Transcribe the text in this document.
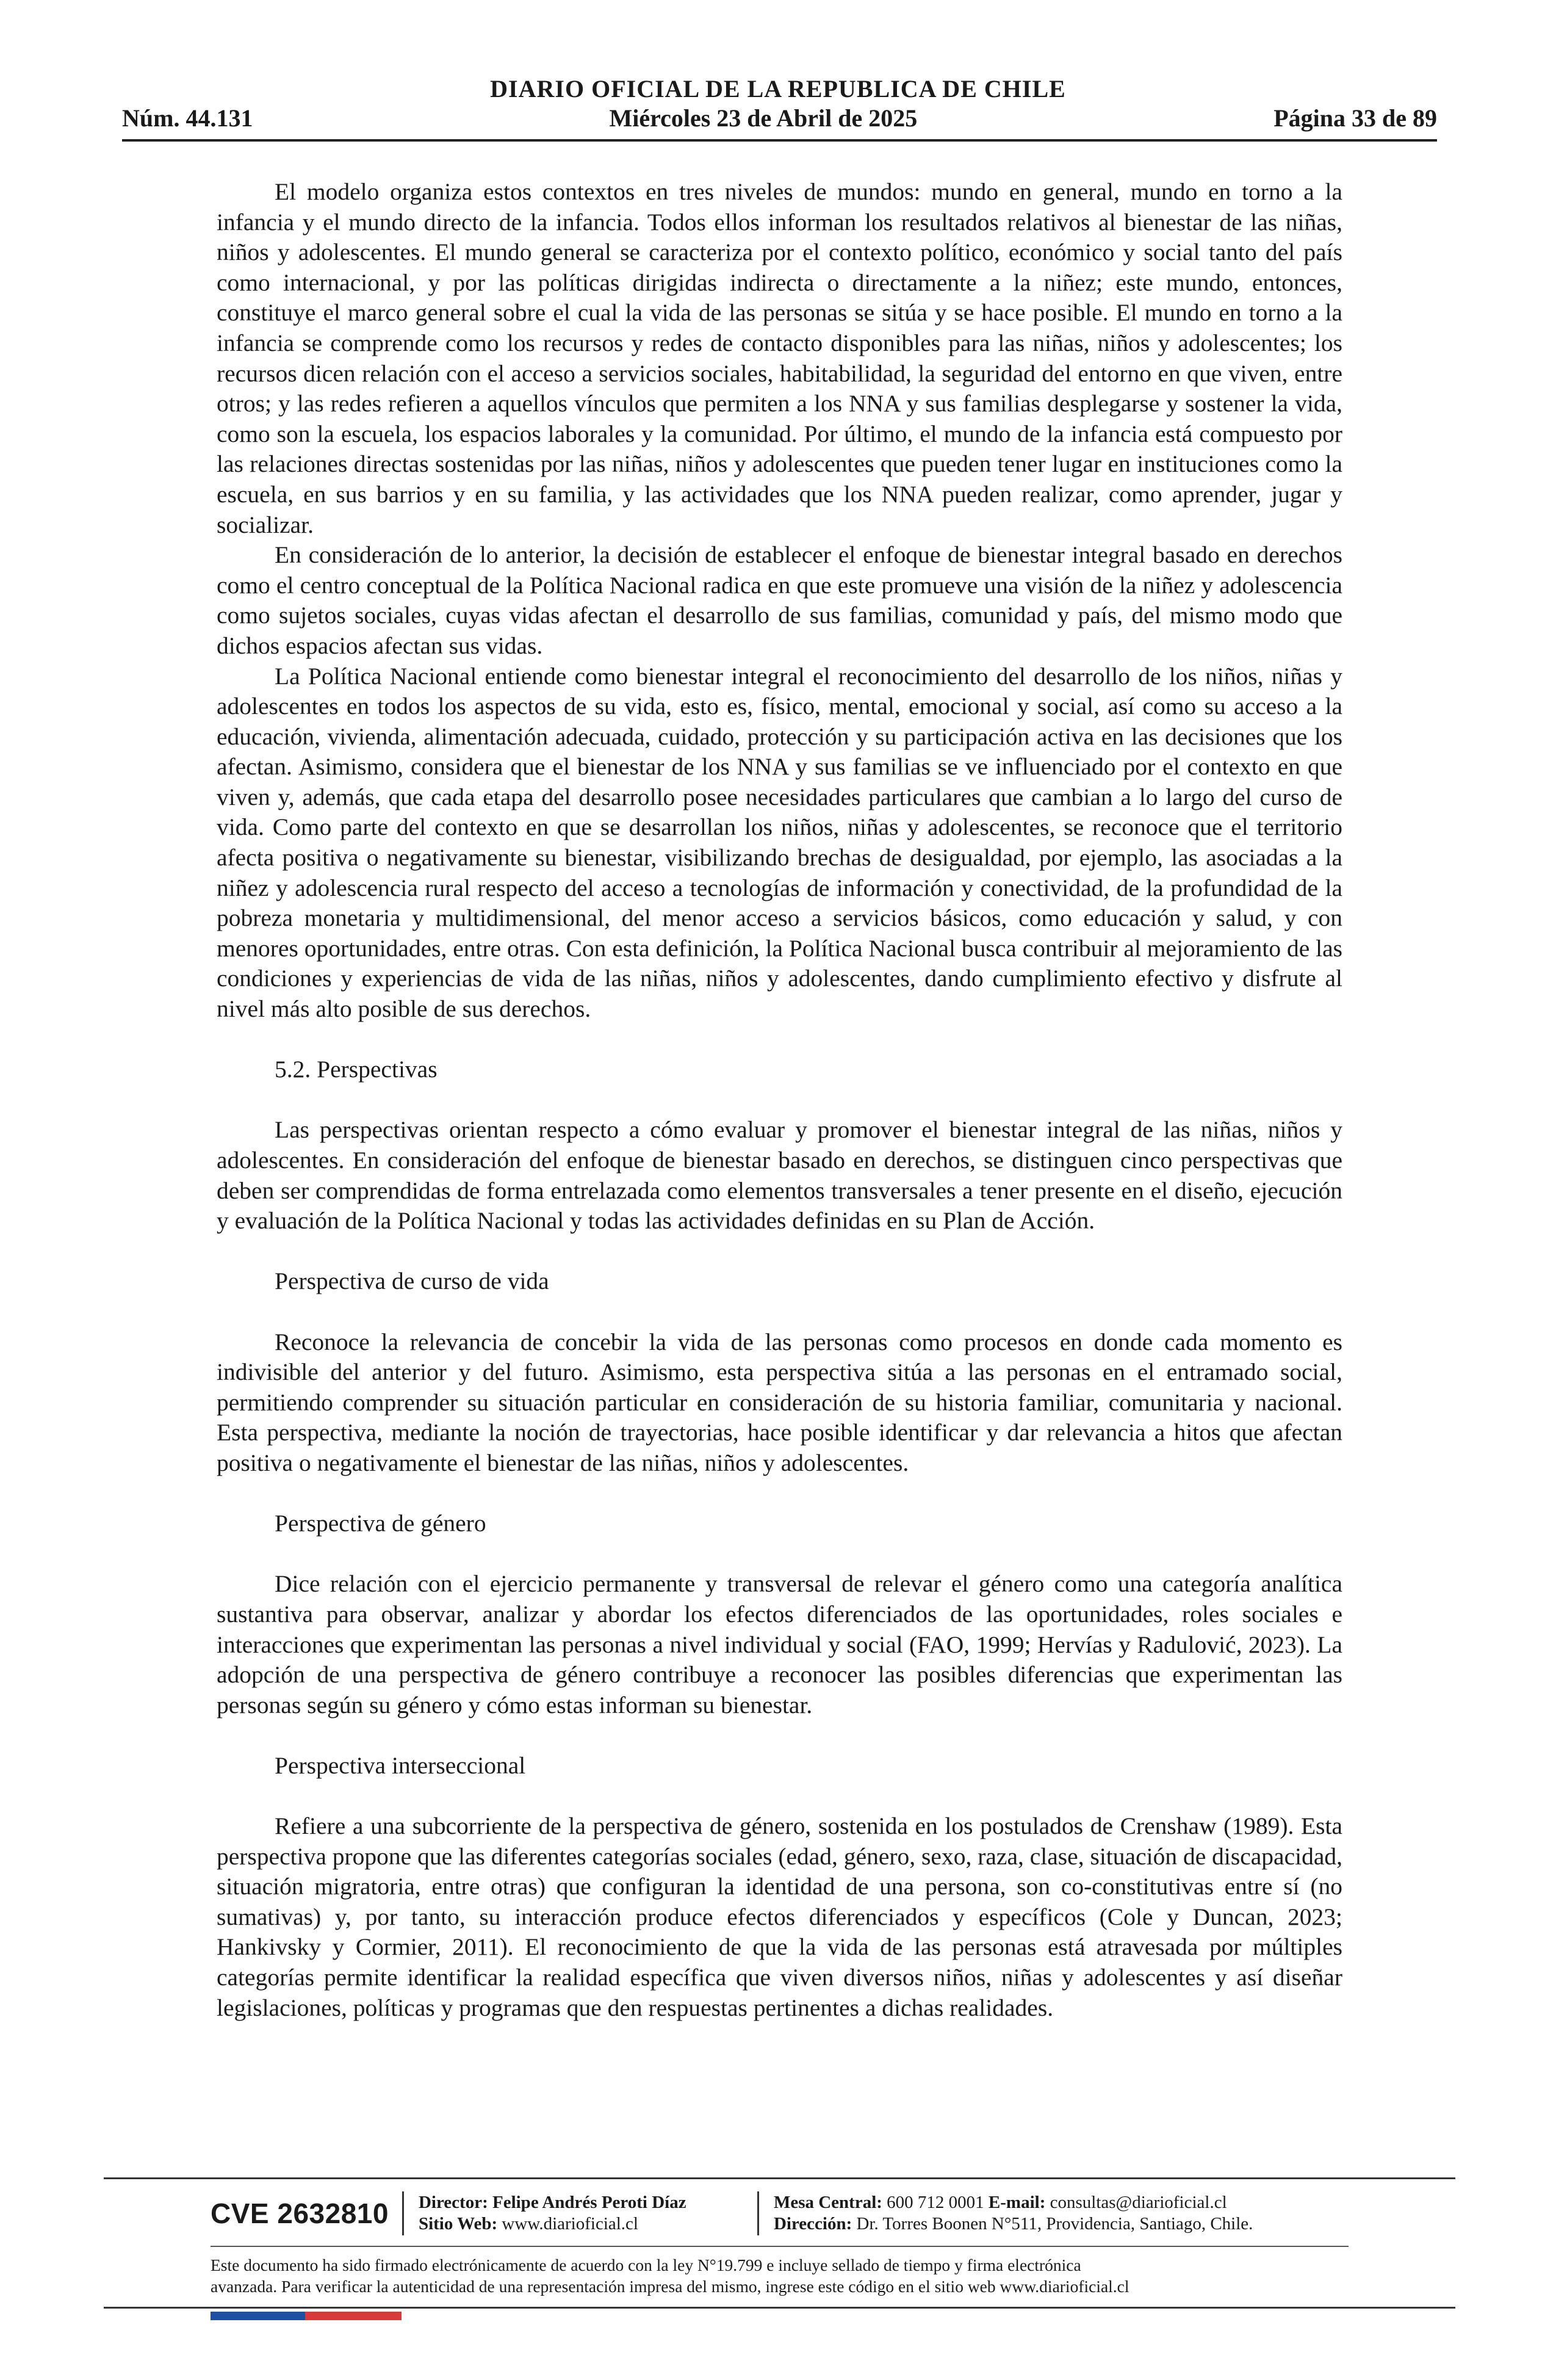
DIARIO OFICIAL DE LA REPUBLICA DE CHILE
Núm. 44.131	Miércoles 23 de Abril de 2025	Página 33 de 89

El modelo organiza estos contextos en tres niveles de mundos: mundo en general, mundo en torno a la infancia y el mundo directo de la infancia. Todos ellos informan los resultados relativos al bienestar de las niñas, niños y adolescentes. El mundo general se caracteriza por el contexto político, económico y social tanto del país como internacional, y por las políticas dirigidas indirecta o directamente a la niñez; este mundo, entonces, constituye el marco general sobre el cual la vida de las personas se sitúa y se hace posible. El mundo en torno a la infancia se comprende como los recursos y redes de contacto disponibles para las niñas, niños y adolescentes; los recursos dicen relación con el acceso a servicios sociales, habitabilidad, la seguridad del entorno en que viven, entre otros; y las redes refieren a aquellos vínculos que permiten a los NNA y sus familias desplegarse y sostener la vida, como son la escuela, los espacios laborales y la comunidad. Por último, el mundo de la infancia está compuesto por las relaciones directas sostenidas por las niñas, niños y adolescentes que pueden tener lugar en instituciones como la escuela, en sus barrios y en su familia, y las actividades que los NNA pueden realizar, como aprender, jugar y socializar.

En consideración de lo anterior, la decisión de establecer el enfoque de bienestar integral basado en derechos como el centro conceptual de la Política Nacional radica en que este promueve una visión de la niñez y adolescencia como sujetos sociales, cuyas vidas afectan el desarrollo de sus familias, comunidad y país, del mismo modo que dichos espacios afectan sus vidas.

La Política Nacional entiende como bienestar integral el reconocimiento del desarrollo de los niños, niñas y adolescentes en todos los aspectos de su vida, esto es, físico, mental, emocional y social, así como su acceso a la educación, vivienda, alimentación adecuada, cuidado, protección y su participación activa en las decisiones que los afectan. Asimismo, considera que el bienestar de los NNA y sus familias se ve influenciado por el contexto en que viven y, además, que cada etapa del desarrollo posee necesidades particulares que cambian a lo largo del curso de vida. Como parte del contexto en que se desarrollan los niños, niñas y adolescentes, se reconoce que el territorio afecta positiva o negativamente su bienestar, visibilizando brechas de desigualdad, por ejemplo, las asociadas a la niñez y adolescencia rural respecto del acceso a tecnologías de información y conectividad, de la profundidad de la pobreza monetaria y multidimensional, del menor acceso a servicios básicos, como educación y salud, y con menores oportunidades, entre otras. Con esta definición, la Política Nacional busca contribuir al mejoramiento de las condiciones y experiencias de vida de las niñas, niños y adolescentes, dando cumplimiento efectivo y disfrute al nivel más alto posible de sus derechos.

5.2. Perspectivas

Las perspectivas orientan respecto a cómo evaluar y promover el bienestar integral de las niñas, niños y adolescentes. En consideración del enfoque de bienestar basado en derechos, se distinguen cinco perspectivas que deben ser comprendidas de forma entrelazada como elementos transversales a tener presente en el diseño, ejecución y evaluación de la Política Nacional y todas las actividades definidas en su Plan de Acción.

Perspectiva de curso de vida

Reconoce la relevancia de concebir la vida de las personas como procesos en donde cada momento es indivisible del anterior y del futuro. Asimismo, esta perspectiva sitúa a las personas en el entramado social, permitiendo comprender su situación particular en consideración de su historia familiar, comunitaria y nacional. Esta perspectiva, mediante la noción de trayectorias, hace posible identificar y dar relevancia a hitos que afectan positiva o negativamente el bienestar de las niñas, niños y adolescentes.

Perspectiva de género

Dice relación con el ejercicio permanente y transversal de relevar el género como una categoría analítica sustantiva para observar, analizar y abordar los efectos diferenciados de las oportunidades, roles sociales e interacciones que experimentan las personas a nivel individual y social (FAO, 1999; Hervías y Radulović, 2023). La adopción de una perspectiva de género contribuye a reconocer las posibles diferencias que experimentan las personas según su género y cómo estas informan su bienestar.

Perspectiva interseccional

Refiere a una subcorriente de la perspectiva de género, sostenida en los postulados de Crenshaw (1989). Esta perspectiva propone que las diferentes categorías sociales (edad, género, sexo, raza, clase, situación de discapacidad, situación migratoria, entre otras) que configuran la identidad de una persona, son co-constitutivas entre sí (no sumativas) y, por tanto, su interacción produce efectos diferenciados y específicos (Cole y Duncan, 2023; Hankivsky y Cormier, 2011). El reconocimiento de que la vida de las personas está atravesada por múltiples categorías permite identificar la realidad específica que viven diversos niños, niñas y adolescentes y así diseñar legislaciones, políticas y programas que den respuestas pertinentes a dichas realidades.

CVE 2632810	Director: Felipe Andrés Peroti Díaz
Sitio Web: www.diarioficial.cl
Mesa Central: 600 712 0001 E-mail: consultas@diarioficial.cl
Dirección: Dr. Torres Boonen N°511, Providencia, Santiago, Chile.
Este documento ha sido firmado electrónicamente de acuerdo con la ley N°19.799 e incluye sellado de tiempo y firma electrónica
avanzada. Para verificar la autenticidad de una representación impresa del mismo, ingrese este código en el sitio web www.diarioficial.cl
